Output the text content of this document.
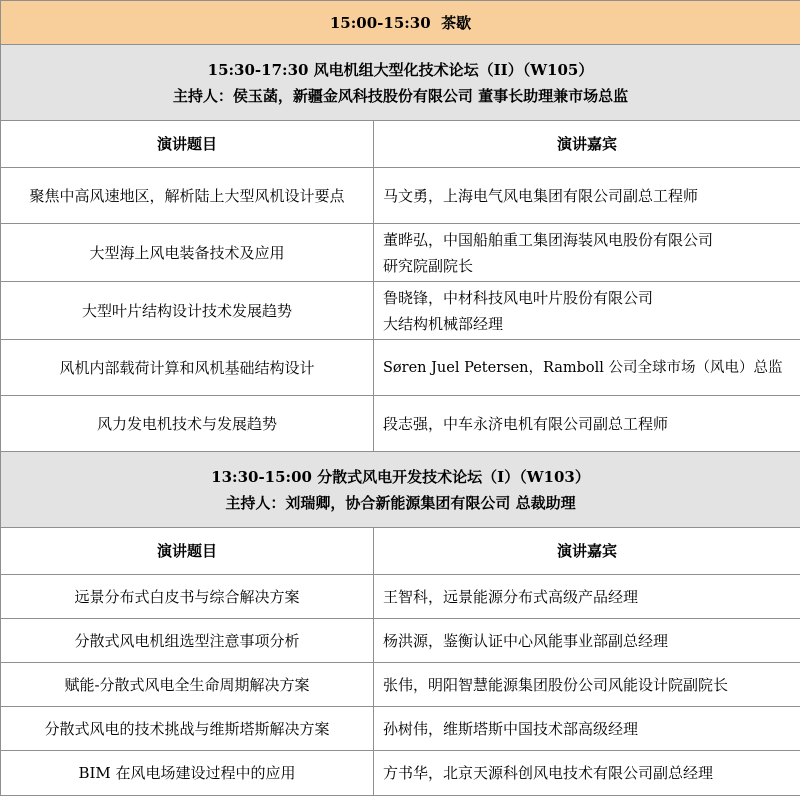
15:00-15:30 茶歇	

15:30-17:30 风电机组大型化技术论坛（II）（W105）
主持人：侯玉菡，新疆金风科技股份有限公司 董事长助理兼市场总监	

演讲题目	演讲嘉宾
聚焦中高风速地区，解析陆上大型风机设计要点	马文勇，上海电气风电集团有限公司副总工程师

大型海上风电装备技术及应用	董晔弘，中国船舶重工集团海装风电股份有限公司
研究院副院长

大型叶片结构设计技术发展趋势	鲁晓锋，中材科技风电叶片股份有限公司
大结构机械部经理

风机内部载荷计算和风机基础结构设计	Søren Juel Petersen，Ramboll 公司全球市场（风电）总监

风力发电机技术与发展趋势	段志强，中车永济电机有限公司副总工程师

13:30-15:00 分散式风电开发技术论坛（I）（W103）
主持人：刘瑞卿，协合新能源集团有限公司 总裁助理	

演讲题目	演讲嘉宾
远景分布式白皮书与综合解决方案	王智科，远景能源分布式高级产品经理

分散式风电机组选型注意事项分析	杨洪源，鉴衡认证中心风能事业部副总经理

赋能-分散式风电全生命周期解决方案	张伟，明阳智慧能源集团股份公司风能设计院副院长

分散式风电的技术挑战与维斯塔斯解决方案	孙树伟，维斯塔斯中国技术部高级经理

BIM 在风电场建设过程中的应用	方书华，北京天源科创风电技术有限公司副总经理
